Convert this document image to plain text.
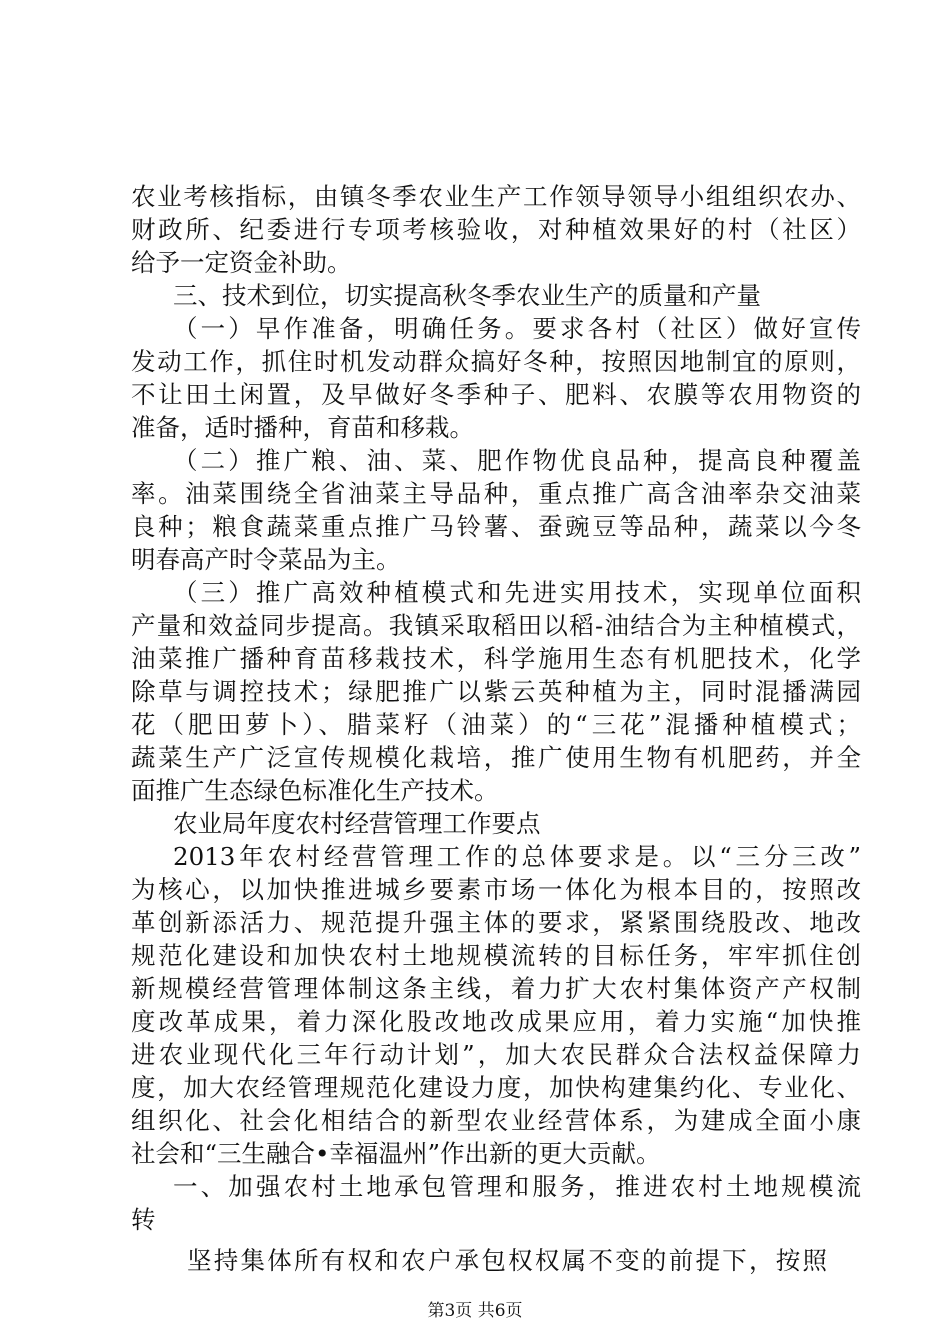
农业考核指标，由镇冬季农业生产工作领导领导小组组织农办、
财政所、纪委进行专项考核验收，对种植效果好的村（社区）
给予一定资金补助。
三、技术到位，切实提高秋冬季农业生产的质量和产量
（一）早作准备，明确任务。要求各村（社区）做好宣传
发动工作，抓住时机发动群众搞好冬种，按照因地制宜的原则，
不让田土闲置，及早做好冬季种子、肥料、农膜等农用物资的
准备，适时播种，育苗和移栽。
（二）推广粮、油、菜、肥作物优良品种，提高良种覆盖
率。油菜围绕全省油菜主导品种，重点推广高含油率杂交油菜
良种；粮食蔬菜重点推广马铃薯、蚕豌豆等品种，蔬菜以今冬
明春高产时令菜品为主。
（三）推广高效种植模式和先进实用技术，实现单位面积
产量和效益同步提高。我镇采取稻田以稻-油结合为主种植模式，
油菜推广播种育苗移栽技术，科学施用生态有机肥技术，化学
除草与调控技术；绿肥推广以紫云英种植为主，同时混播满园
花（肥田萝卜）、腊菜籽（油菜）的“三花”混播种植模式；
蔬菜生产广泛宣传规模化栽培，推广使用生物有机肥药，并全
面推广生态绿色标准化生产技术。
农业局年度农村经营管理工作要点
2013年农村经营管理工作的总体要求是。以“三分三改”
为核心，以加快推进城乡要素市场一体化为根本目的，按照改
革创新添活力、规范提升强主体的要求，紧紧围绕股改、地改
规范化建设和加快农村土地规模流转的目标任务，牢牢抓住创
新规模经营管理体制这条主线，着力扩大农村集体资产产权制
度改革成果，着力深化股改地改成果应用，着力实施“加快推
进农业现代化三年行动计划”，加大农民群众合法权益保障力
度，加大农经管理规范化建设力度，加快构建集约化、专业化、
组织化、社会化相结合的新型农业经营体系，为建成全面小康
社会和“三生融合•幸福温州”作出新的更大贡献。
一、加强农村土地承包管理和服务，推进农村土地规模流
转
坚持集体所有权和农户承包权权属不变的前提下，按照
第3页 共6页
